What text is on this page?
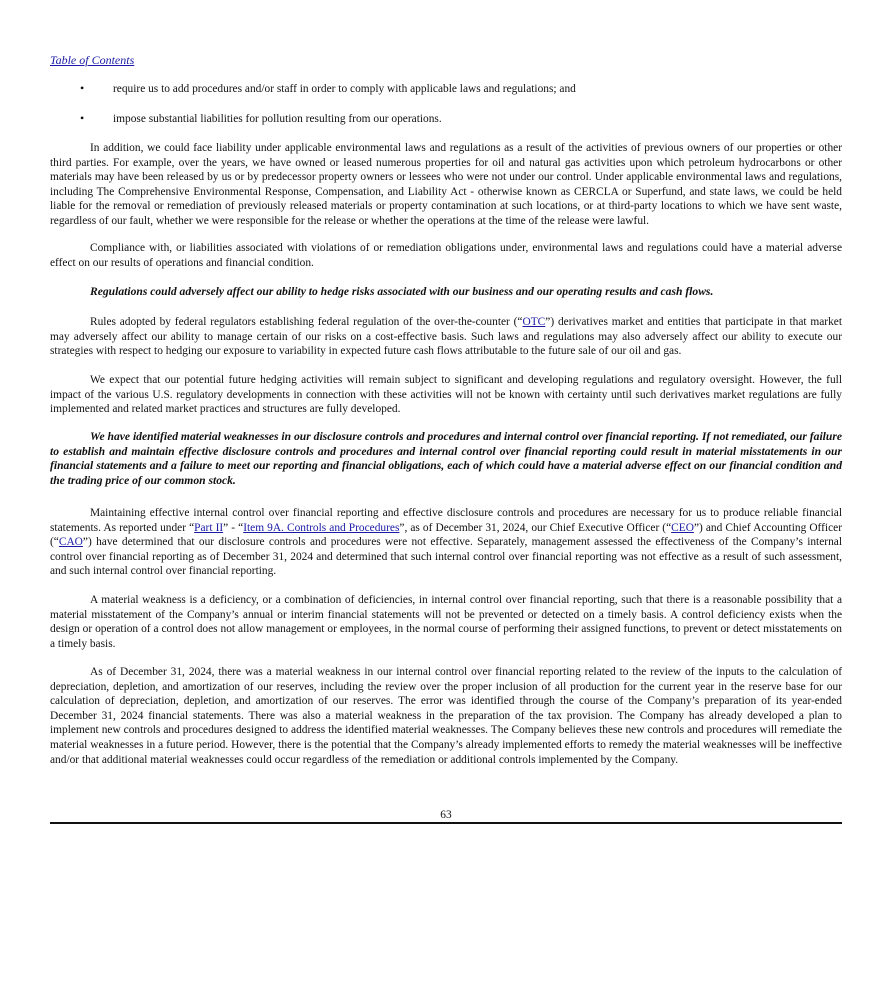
Table of Contents
•	require us to add procedures and/or staff in order to comply with applicable laws and regulations; and
•	impose substantial liabilities for pollution resulting from our operations.
In addition, we could face liability under applicable environmental laws and regulations as a result of the activities of previous owners of our properties or other third parties. For example, over the years, we have owned or leased numerous properties for oil and natural gas activities upon which petroleum hydrocarbons or other materials may have been released by us or by predecessor property owners or lessees who were not under our control. Under applicable environmental laws and regulations, including The Comprehensive Environmental Response, Compensation, and Liability Act - otherwise known as CERCLA or Superfund, and state laws, we could be held liable for the removal or remediation of previously released materials or property contamination at such locations, or at third-party locations to which we have sent waste, regardless of our fault, whether we were responsible for the release or whether the operations at the time of the release were lawful.
Compliance with, or liabilities associated with violations of or remediation obligations under, environmental laws and regulations could have a material adverse effect on our results of operations and financial condition.
Regulations could adversely affect our ability to hedge risks associated with our business and our operating results and cash flows.
Rules adopted by federal regulators establishing federal regulation of the over-the-counter (“OTC”) derivatives market and entities that participate in that market may adversely affect our ability to manage certain of our risks on a cost-effective basis. Such laws and regulations may also adversely affect our ability to execute our strategies with respect to hedging our exposure to variability in expected future cash flows attributable to the future sale of our oil and gas.
We expect that our potential future hedging activities will remain subject to significant and developing regulations and regulatory oversight. However, the full impact of the various U.S. regulatory developments in connection with these activities will not be known with certainty until such derivatives market regulations are fully implemented and related market practices and structures are fully developed.
We have identified material weaknesses in our disclosure controls and procedures and internal control over financial reporting. If not remediated, our failure to establish and maintain effective disclosure controls and procedures and internal control over financial reporting could result in material misstatements in our financial statements and a failure to meet our reporting and financial obligations, each of which could have a material adverse effect on our financial condition and the trading price of our common stock.
Maintaining effective internal control over financial reporting and effective disclosure controls and procedures are necessary for us to produce reliable financial statements. As reported under “Part II” - “Item 9A. Controls and Procedures”, as of December 31, 2024, our Chief Executive Officer (“CEO”) and Chief Accounting Officer (“CAO”) have determined that our disclosure controls and procedures were not effective. Separately, management assessed the effectiveness of the Company’s internal control over financial reporting as of December 31, 2024 and determined that such internal control over financial reporting was not effective as a result of such assessment, and such internal control over financial reporting.
A material weakness is a deficiency, or a combination of deficiencies, in internal control over financial reporting, such that there is a reasonable possibility that a material misstatement of the Company’s annual or interim financial statements will not be prevented or detected on a timely basis. A control deficiency exists when the design or operation of a control does not allow management or employees, in the normal course of performing their assigned functions, to prevent or detect misstatements on a timely basis.
As of December 31, 2024, there was a material weakness in our internal control over financial reporting related to the review of the inputs to the calculation of depreciation, depletion, and amortization of our reserves, including the review over the proper inclusion of all production for the current year in the reserve base for our calculation of depreciation, depletion, and amortization of our reserves. The error was identified through the course of the Company’s preparation of its year-ended December 31, 2024 financial statements. There was also a material weakness in the preparation of the tax provision. The Company has already developed a plan to implement new controls and procedures designed to address the identified material weaknesses. The Company believes these new controls and procedures will remediate the material weaknesses in a future period. However, there is the potential that the Company’s already implemented efforts to remedy the material weaknesses will be ineffective and/or that additional material weaknesses could occur regardless of the remediation or additional controls implemented by the Company.
63
